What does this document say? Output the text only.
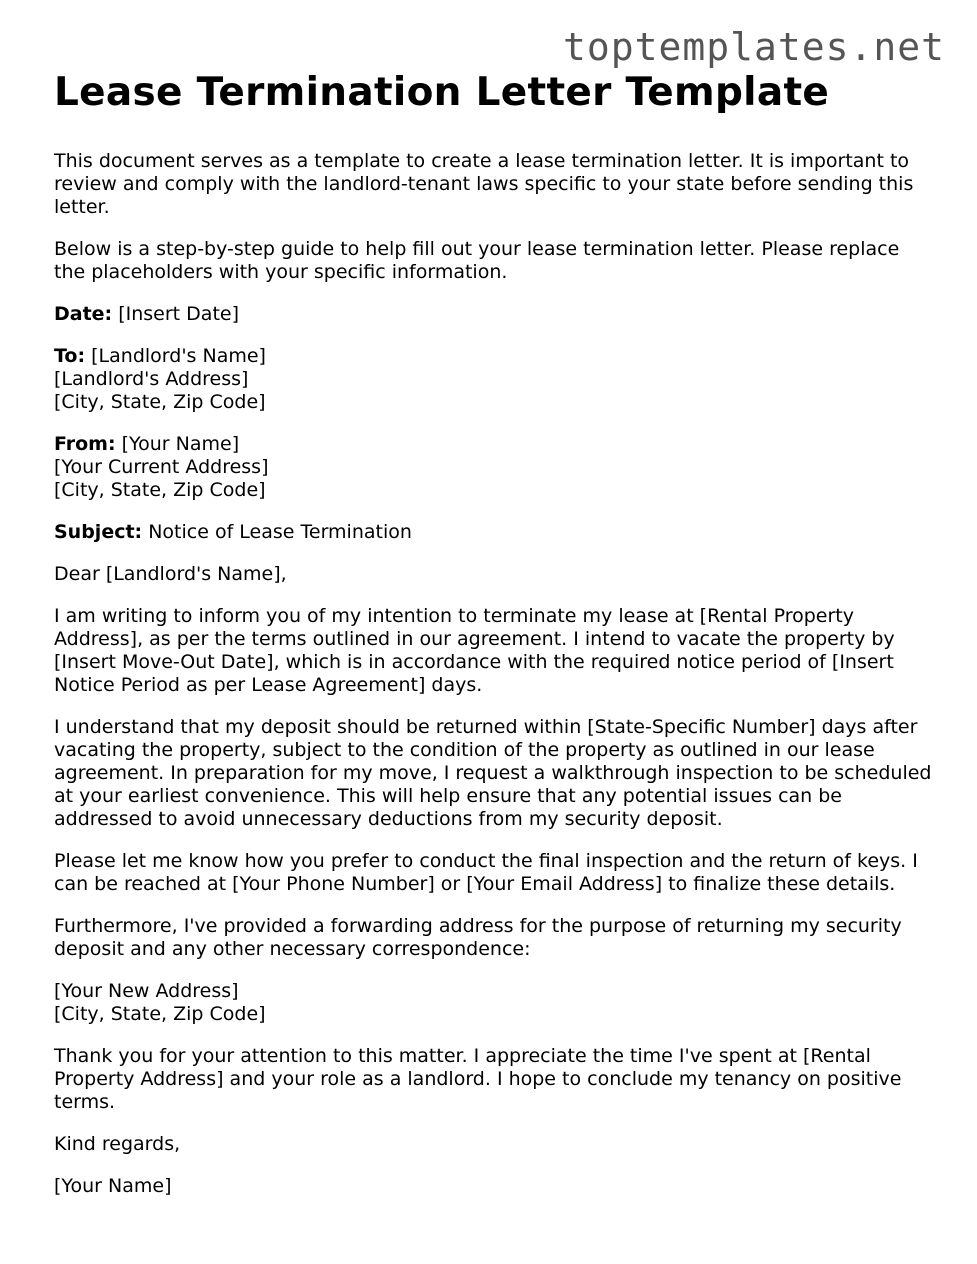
toptemplates.net
Lease Termination Letter Template

This document serves as a template to create a lease termination letter. It is important to review and comply with the landlord-tenant laws specific to your state before sending this letter.

Below is a step-by-step guide to help fill out your lease termination letter. Please replace the placeholders with your specific information.

Date: [Insert Date]

To: [Landlord's Name]
[Landlord's Address]
[City, State, Zip Code]

From: [Your Name]
[Your Current Address]
[City, State, Zip Code]

Subject: Notice of Lease Termination

Dear [Landlord's Name],

I am writing to inform you of my intention to terminate my lease at [Rental Property Address], as per the terms outlined in our agreement. I intend to vacate the property by [Insert Move-Out Date], which is in accordance with the required notice period of [Insert Notice Period as per Lease Agreement] days.

I understand that my deposit should be returned within [State-Specific Number] days after vacating the property, subject to the condition of the property as outlined in our lease agreement. In preparation for my move, I request a walkthrough inspection to be scheduled at your earliest convenience. This will help ensure that any potential issues can be addressed to avoid unnecessary deductions from my security deposit.

Please let me know how you prefer to conduct the final inspection and the return of keys. I can be reached at [Your Phone Number] or [Your Email Address] to finalize these details.

Furthermore, I've provided a forwarding address for the purpose of returning my security deposit and any other necessary correspondence:

[Your New Address]
[City, State, Zip Code]

Thank you for your attention to this matter. I appreciate the time I've spent at [Rental Property Address] and your role as a landlord. I hope to conclude my tenancy on positive terms.

Kind regards,

[Your Name]
